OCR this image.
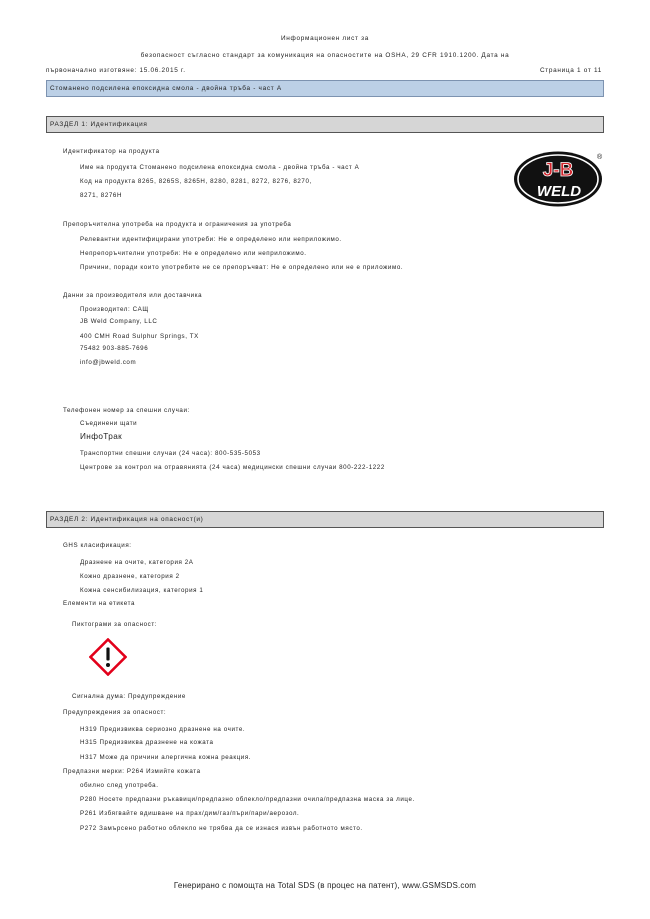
Информационен лист за
безопасност съгласно стандарт за комуникация на опасностите на OSHA, 29 CFR 1910.1200. Дата на
първоначално изготвяне: 15.06.2015 г.	Страница 1 от 11
Стоманено подсилена епоксидна смола - двойна тръба - част A
РАЗДЕЛ 1: Идентификация
Идентификатор на продукта
Име на продукта Стоманено подсилена епоксидна смола - двойна тръба - част A
Код на продукта 8265, 8265S, 8265H, 8280, 8281, 8272, 8276, 8270,
8271, 8276H
J-B
WELD
®
Препоръчителна употреба на продукта и ограничения за употреба
Релевантни идентифицирани употреби: Не е определено или неприложимо.
Непрепоръчителни употреби: Не е определено или неприложимо.
Причини, поради които употребите не се препоръчват: Не е определено или не е приложимо.
Данни за производителя или доставчика
Производител: САЩ
JB Weld Company, LLC
400 CMH Road Sulphur Springs, TX
75482 903-885-7696
info@jbweld.com
Телефонен номер за спешни случаи:
Съединени щати
ИнфоТрак
Транспортни спешни случаи (24 часа): 800-535-5053
Центрове за контрол на отравянията (24 часа) медицински спешни случаи 800-222-1222
РАЗДЕЛ 2: Идентификация на опасност(и)
GHS класификация:
Дразнене на очите, категория 2A
Кожно дразнене, категория 2
Кожна сенсибилизация, категория 1
Елементи на етикета
Пиктограми за опасност:
Сигнална дума: Предупреждение
Предупреждения за опасност:
H319 Предизвиква сериозно дразнене на очите.
H315 Предизвиква дразнене на кожата
H317 Може да причини алергична кожна реакция.
Предпазни мерки: P264 Измийте кожата
обилно след употреба.
P280 Носете предпазни ръкавици/предпазно облекло/предпазни очила/предпазна маска за лице.
P261 Избягвайте вдишване на прах/дим/газ/пъри/пари/аерозол.
P272 Замърсено работно облекло не трябва да се изнася извън работното място.
Генерирано с помощта на Total SDS (в процес на патент), www.GSMSDS.com
